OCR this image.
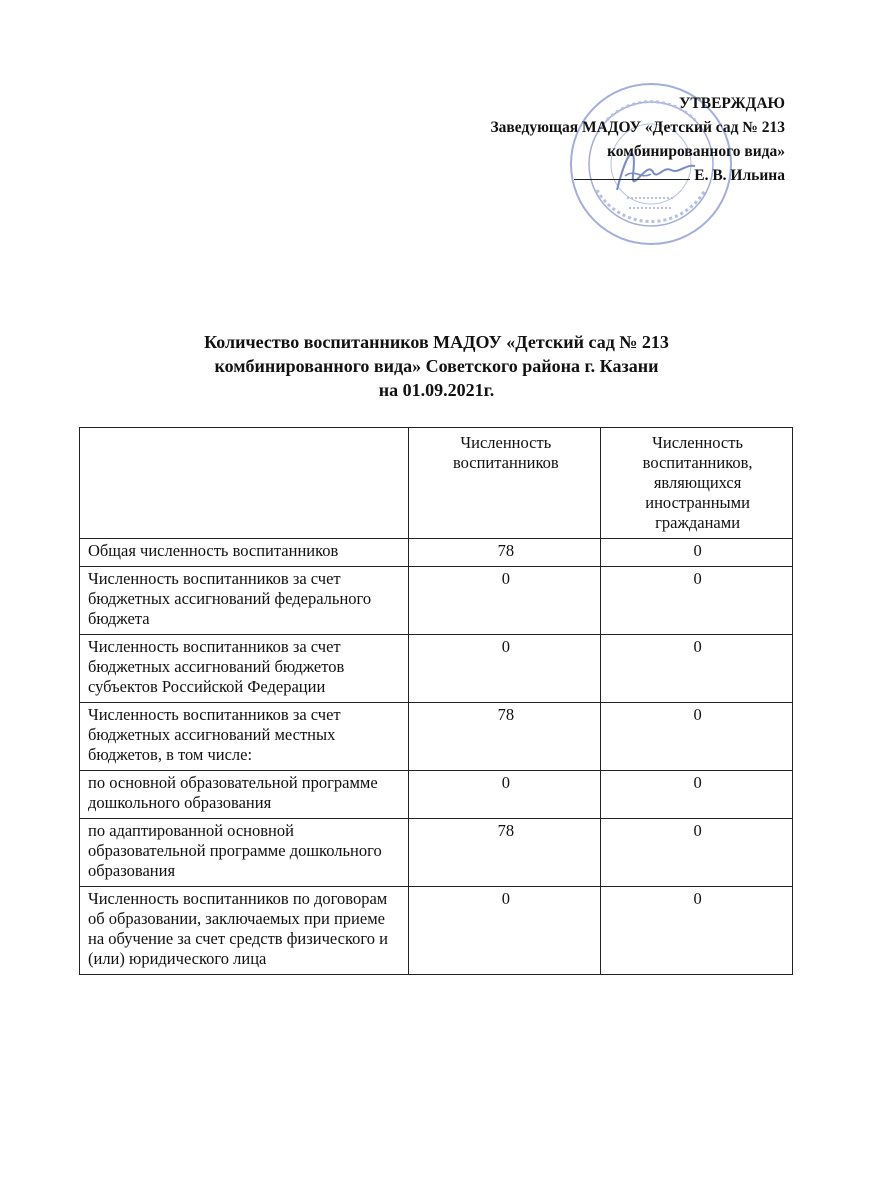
УТВЕРЖДАЮ
Заведующая МАДОУ «Детский сад № 213
комбинированного вида»
Е. В. Ильина
Количество воспитанников МАДОУ «Детский сад № 213
комбинированного вида» Советского района г. Казани
на 01.09.2021г.
	Численность воспитанников	Численность воспитанников, являющихся иностранными гражданами
Общая численность воспитанников	78	0
Численность воспитанников за счет бюджетных ассигнований федерального бюджета	0	0
Численность воспитанников за счет бюджетных ассигнований бюджетов субъектов Российской Федерации	0	0
Численность воспитанников за счет бюджетных ассигнований местных бюджетов, в том числе:	78	0
по основной образовательной программе дошкольного образования	0	0
по адаптированной основной образовательной программе дошкольного образования	78	0
Численность воспитанников по договорам об образовании, заключаемых при приеме на обучение за счет средств физического и (или) юридического лица	0	0
